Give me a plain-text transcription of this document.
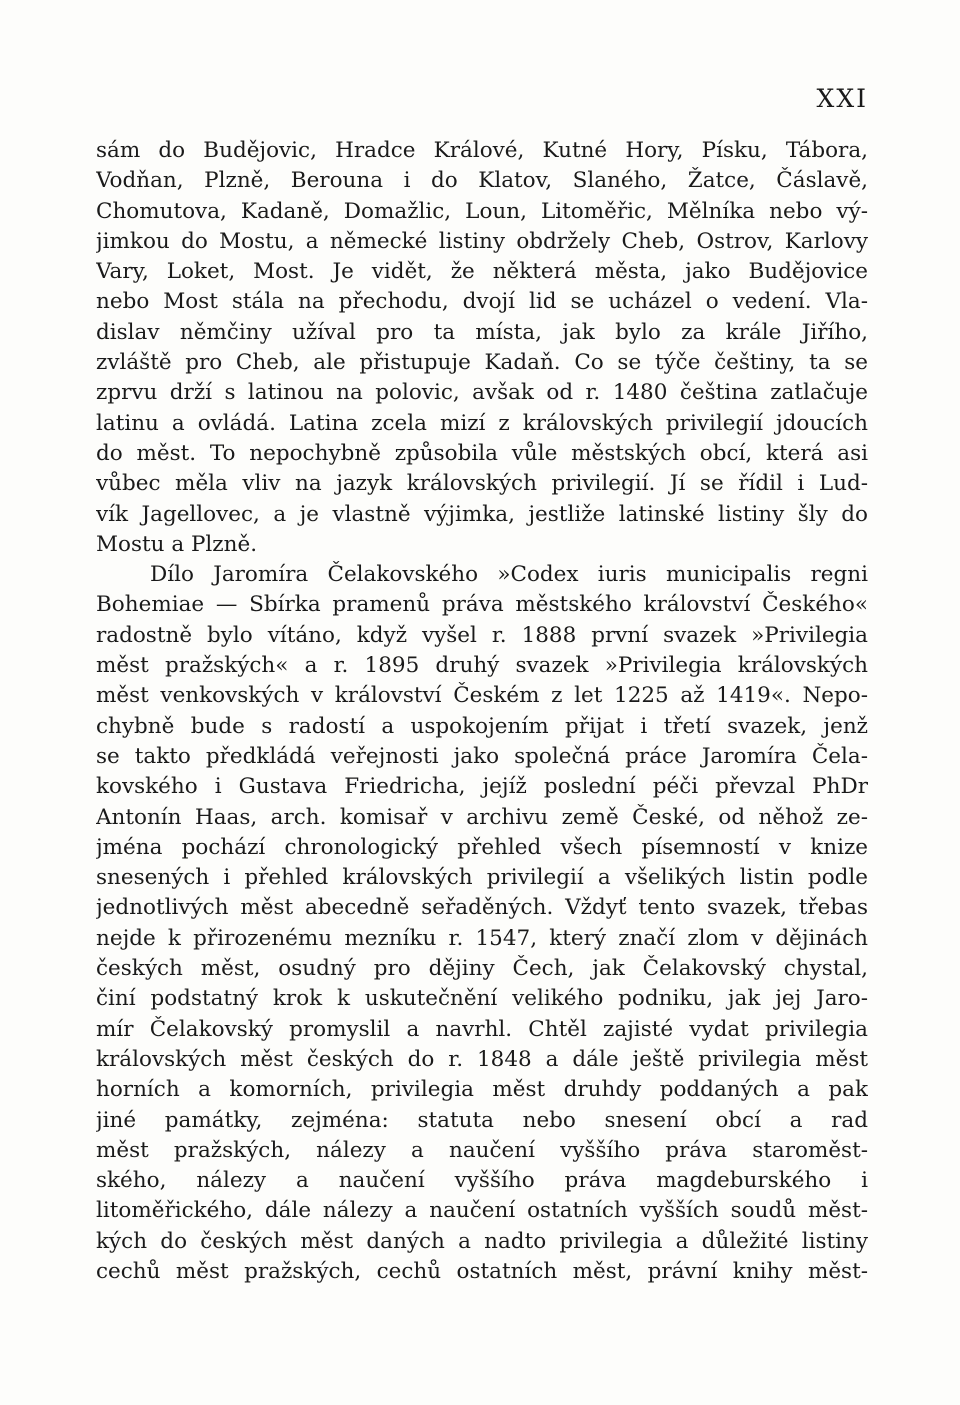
XXI
sám do Budějovic, Hradce Králové, Kutné Hory, Písku, Tábora,
Vodňan, Plzně, Berouna i do Klatov, Slaného, Žatce, Čáslavě,
Chomutova, Kadaně, Domažlic, Loun, Litoměřic, Mělníka nebo vý-
jimkou do Mostu, a německé listiny obdržely Cheb, Ostrov, Karlovy
Vary, Loket, Most. Je vidět, že některá města, jako Budějovice
nebo Most stála na přechodu, dvojí lid se ucházel o vedení. Vla-
dislav němčiny užíval pro ta místa, jak bylo za krále Jiřího,
zvláště pro Cheb, ale přistupuje Kadaň. Co se týče češtiny, ta se
zprvu drží s latinou na polovic, avšak od r. 1480 čeština zatlačuje
latinu a ovládá. Latina zcela mizí z královských privilegií jdoucích
do měst. To nepochybně způsobila vůle městských obcí, která asi
vůbec měla vliv na jazyk královských privilegií. Jí se řídil i Lud-
vík Jagellovec, a je vlastně výjimka, jestliže latinské listiny šly do
Mostu a Plzně.
Dílo Jaromíra Čelakovského »Codex iuris municipalis regni
Bohemiae — Sbírka pramenů práva městského království Českého«
radostně bylo vítáno, když vyšel r. 1888 první svazek »Privilegia
měst pražských« a r. 1895 druhý svazek »Privilegia královských
měst venkovských v království Českém z let 1225 až 1419«. Nepo-
chybně bude s radostí a uspokojením přijat i třetí svazek, jenž
se takto předkládá veřejnosti jako společná práce Jaromíra Čela-
kovského i Gustava Friedricha, jejíž poslední péči převzal PhDr
Antonín Haas, arch. komisař v archivu země České, od něhož ze-
jména pochází chronologický přehled všech písemností v knize
snesených i přehled královských privilegií a všelikých listin podle
jednotlivých měst abecedně seřaděných. Vždyť tento svazek, třebas
nejde k přirozenému mezníku r. 1547, který značí zlom v dějinách
českých měst, osudný pro dějiny Čech, jak Čelakovský chystal,
činí podstatný krok k uskutečnění velikého podniku, jak jej Jaro-
mír Čelakovský promyslil a navrhl. Chtěl zajisté vydat privilegia
královských měst českých do r. 1848 a dále ještě privilegia měst
horních a komorních, privilegia měst druhdy poddaných a pak
jiné památky, zejména: statuta nebo snesení obcí a rad
měst pražských, nálezy a naučení vyššího práva staroměst-
ského, nálezy a naučení vyššího práva magdeburského i
litoměřického, dále nálezy a naučení ostatních vyšších soudů měst-
kých do českých měst daných a nadto privilegia a důležité listiny
cechů měst pražských, cechů ostatních měst, právní knihy měst-
